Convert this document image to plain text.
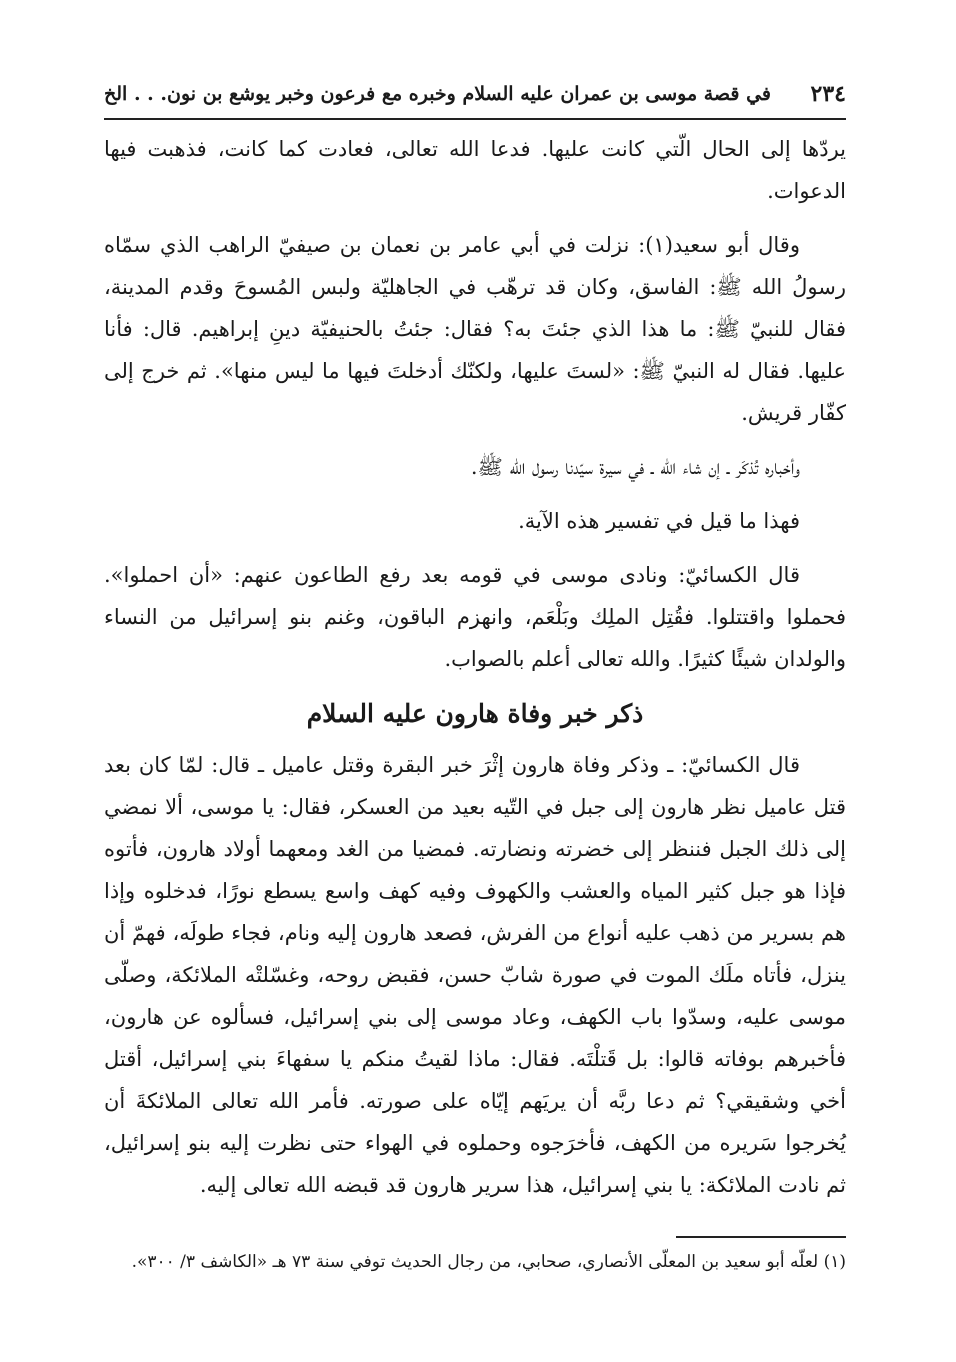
٢٣٤
في قصة موسى بن عمران عليه السلام وخبره مع فرعون وخبر يوشع بن نون. . . الخ

يردّها إلى الحال الّتي كانت عليها. فدعا الله تعالى، فعادت كما كانت، فذهبت فيها الدعوات.

وقال أبو سعيد(١): نزلت في أبي عامر بن نعمان بن صيفيّ الراهب الذي سمّاه رسولُ الله ﷺ: الفاسق، وكان قد ترهّب في الجاهليّة ولبس المُسوحَ وقدم المدينة، فقال للنبيّ ﷺ: ما هذا الذي جئتَ به؟ فقال: جئتُ بالحنيفيّة دينِ إبراهيم. قال: فأنا عليها. فقال له النبيّ ﷺ: «لستَ عليها، ولكنّك أدخلتَ فيها ما ليس منها». ثم خرج إلى كفّار قريش.

وأخباره تُذكَر ـ إن شاء الله ـ في سيرة سيّدنا رسول الله ﷺ.

فهذا ما قيل في تفسير هذه الآية.

قال الكسائيّ: ونادى موسى في قومه بعد رفع الطاعون عنهم: «أن احملوا». فحملوا واقتتلوا. فقُتِل الملِك وبَلْعَم، وانهزم الباقون، وغنم بنو إسرائيل من النساء والولدان شيئًا كثيرًا. والله تعالى أعلم بالصواب.

ذكر خبر وفاة هارون عليه السلام

قال الكسائيّ: ـ وذكر وفاة هارون إثْرَ خبر البقرة وقتل عاميل ـ قال: لمّا كان بعد قتل عاميل نظر هارون إلى جبل في التّيه بعيد من العسكر، فقال: يا موسى، ألا نمضي إلى ذلك الجبل فننظر إلى خضرته ونضارته. فمضيا من الغد ومعهما أولاد هارون، فأتوه فإذا هو جبل كثير المياه والعشب والكهوف وفيه كهف واسع يسطع نورًا، فدخلوه وإذا هم بسرير من ذهب عليه أنواع من الفرش، فصعد هارون إليه ونام، فجاء طولَه، فهمّ أن ينزل، فأتاه ملَك الموت في صورة شابّ حسن، فقبض روحه، وغسّلتْه الملائكة، وصلّى موسى عليه، وسدّوا باب الكهف، وعاد موسى إلى بني إسرائيل، فسألوه عن هارون، فأخبرهم بوفاته قالوا: بل قَتلْتَه. فقال: ماذا لقيتُ منكم يا سفهاءَ بني إسرائيل، أقتل أخي وشقيقي؟ ثم دعا ربَّه أن يريَهم إيّاه على صورته. فأمر الله تعالى الملائكةَ أن يُخرجوا سَريره من الكهف، فأخرَجوه وحملوه في الهواء حتى نظرت إليه بنو إسرائيل، ثم نادت الملائكة: يا بني إسرائيل، هذا سرير هارون قد قبضه الله تعالى إليه.

(١) لعلّه أبو سعيد بن المعلّى الأنصاري، صحابي، من رجال الحديث توفي سنة ٧٣ هـ «الكاشف ٣/ ٣٠٠».
